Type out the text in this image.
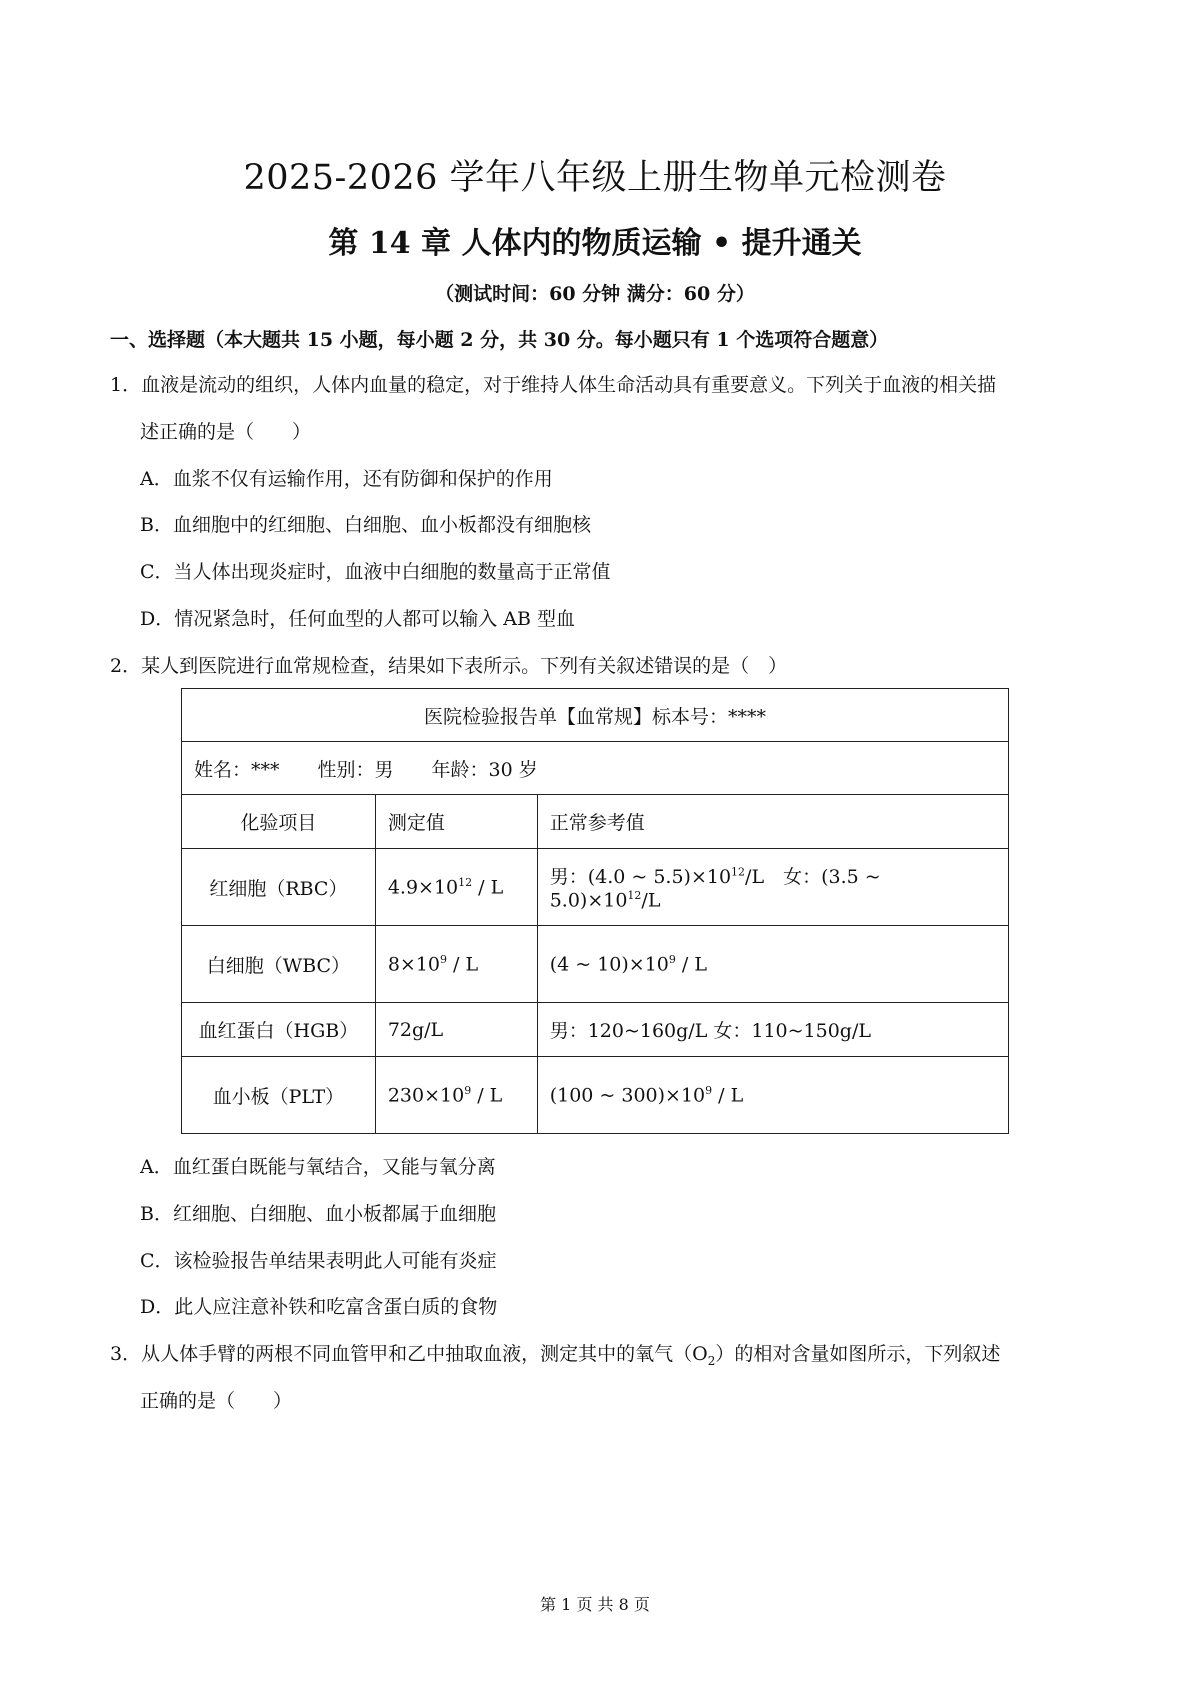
2025-2026 学年八年级上册生物单元检测卷
第 14 章 人体内的物质运输 • 提升通关
（测试时间：60 分钟 满分：60 分）
一、选择题（本大题共 15 小题，每小题 2 分，共 30 分。每小题只有 1 个选项符合题意）
1．血液是流动的组织，人体内血量的稳定，对于维持人体生命活动具有重要意义。下列关于血液的相关描
述正确的是（　　）
A．血浆不仅有运输作用，还有防御和保护的作用
B．血细胞中的红细胞、白细胞、血小板都没有细胞核
C．当人体出现炎症时，血液中白细胞的数量高于正常值
D．情况紧急时，任何血型的人都可以输入 AB 型血
2．某人到医院进行血常规检查，结果如下表所示。下列有关叙述错误的是（　）
医院检验报告单【血常规】标本号：****		
姓名：***　　性别：男　　年龄：30 岁		
化验项目	测定值	正常参考值
红细胞（RBC）	$4.9\times 10^{12} / L$	男：(4.0 ~ $5.5)\times 10^{12}/L$　女：(3.5 ~ $5.0)\times 10^{12}/L$
白细胞（WBC）	$8\times 10^9 / L$	(4 ~ $10)\times 10^9 / L$
血红蛋白（HGB）	72g/L	男：120~160g/L 女：110~150g/L
血小板（PLT）	$230\times 10^9 / L$	(100 ~ $300)\times 10^9 / L$
A．血红蛋白既能与氧结合，又能与氧分离
B．红细胞、白细胞、血小板都属于血细胞
C．该检验报告单结果表明此人可能有炎症
D．此人应注意补铁和吃富含蛋白质的食物
3．从人体手臂的两根不同血管甲和乙中抽取血液，测定其中的氧气$(O_2)$的相对含量如图所示，下列叙述
正确的是（　　）
第 1 页 共 8 页
